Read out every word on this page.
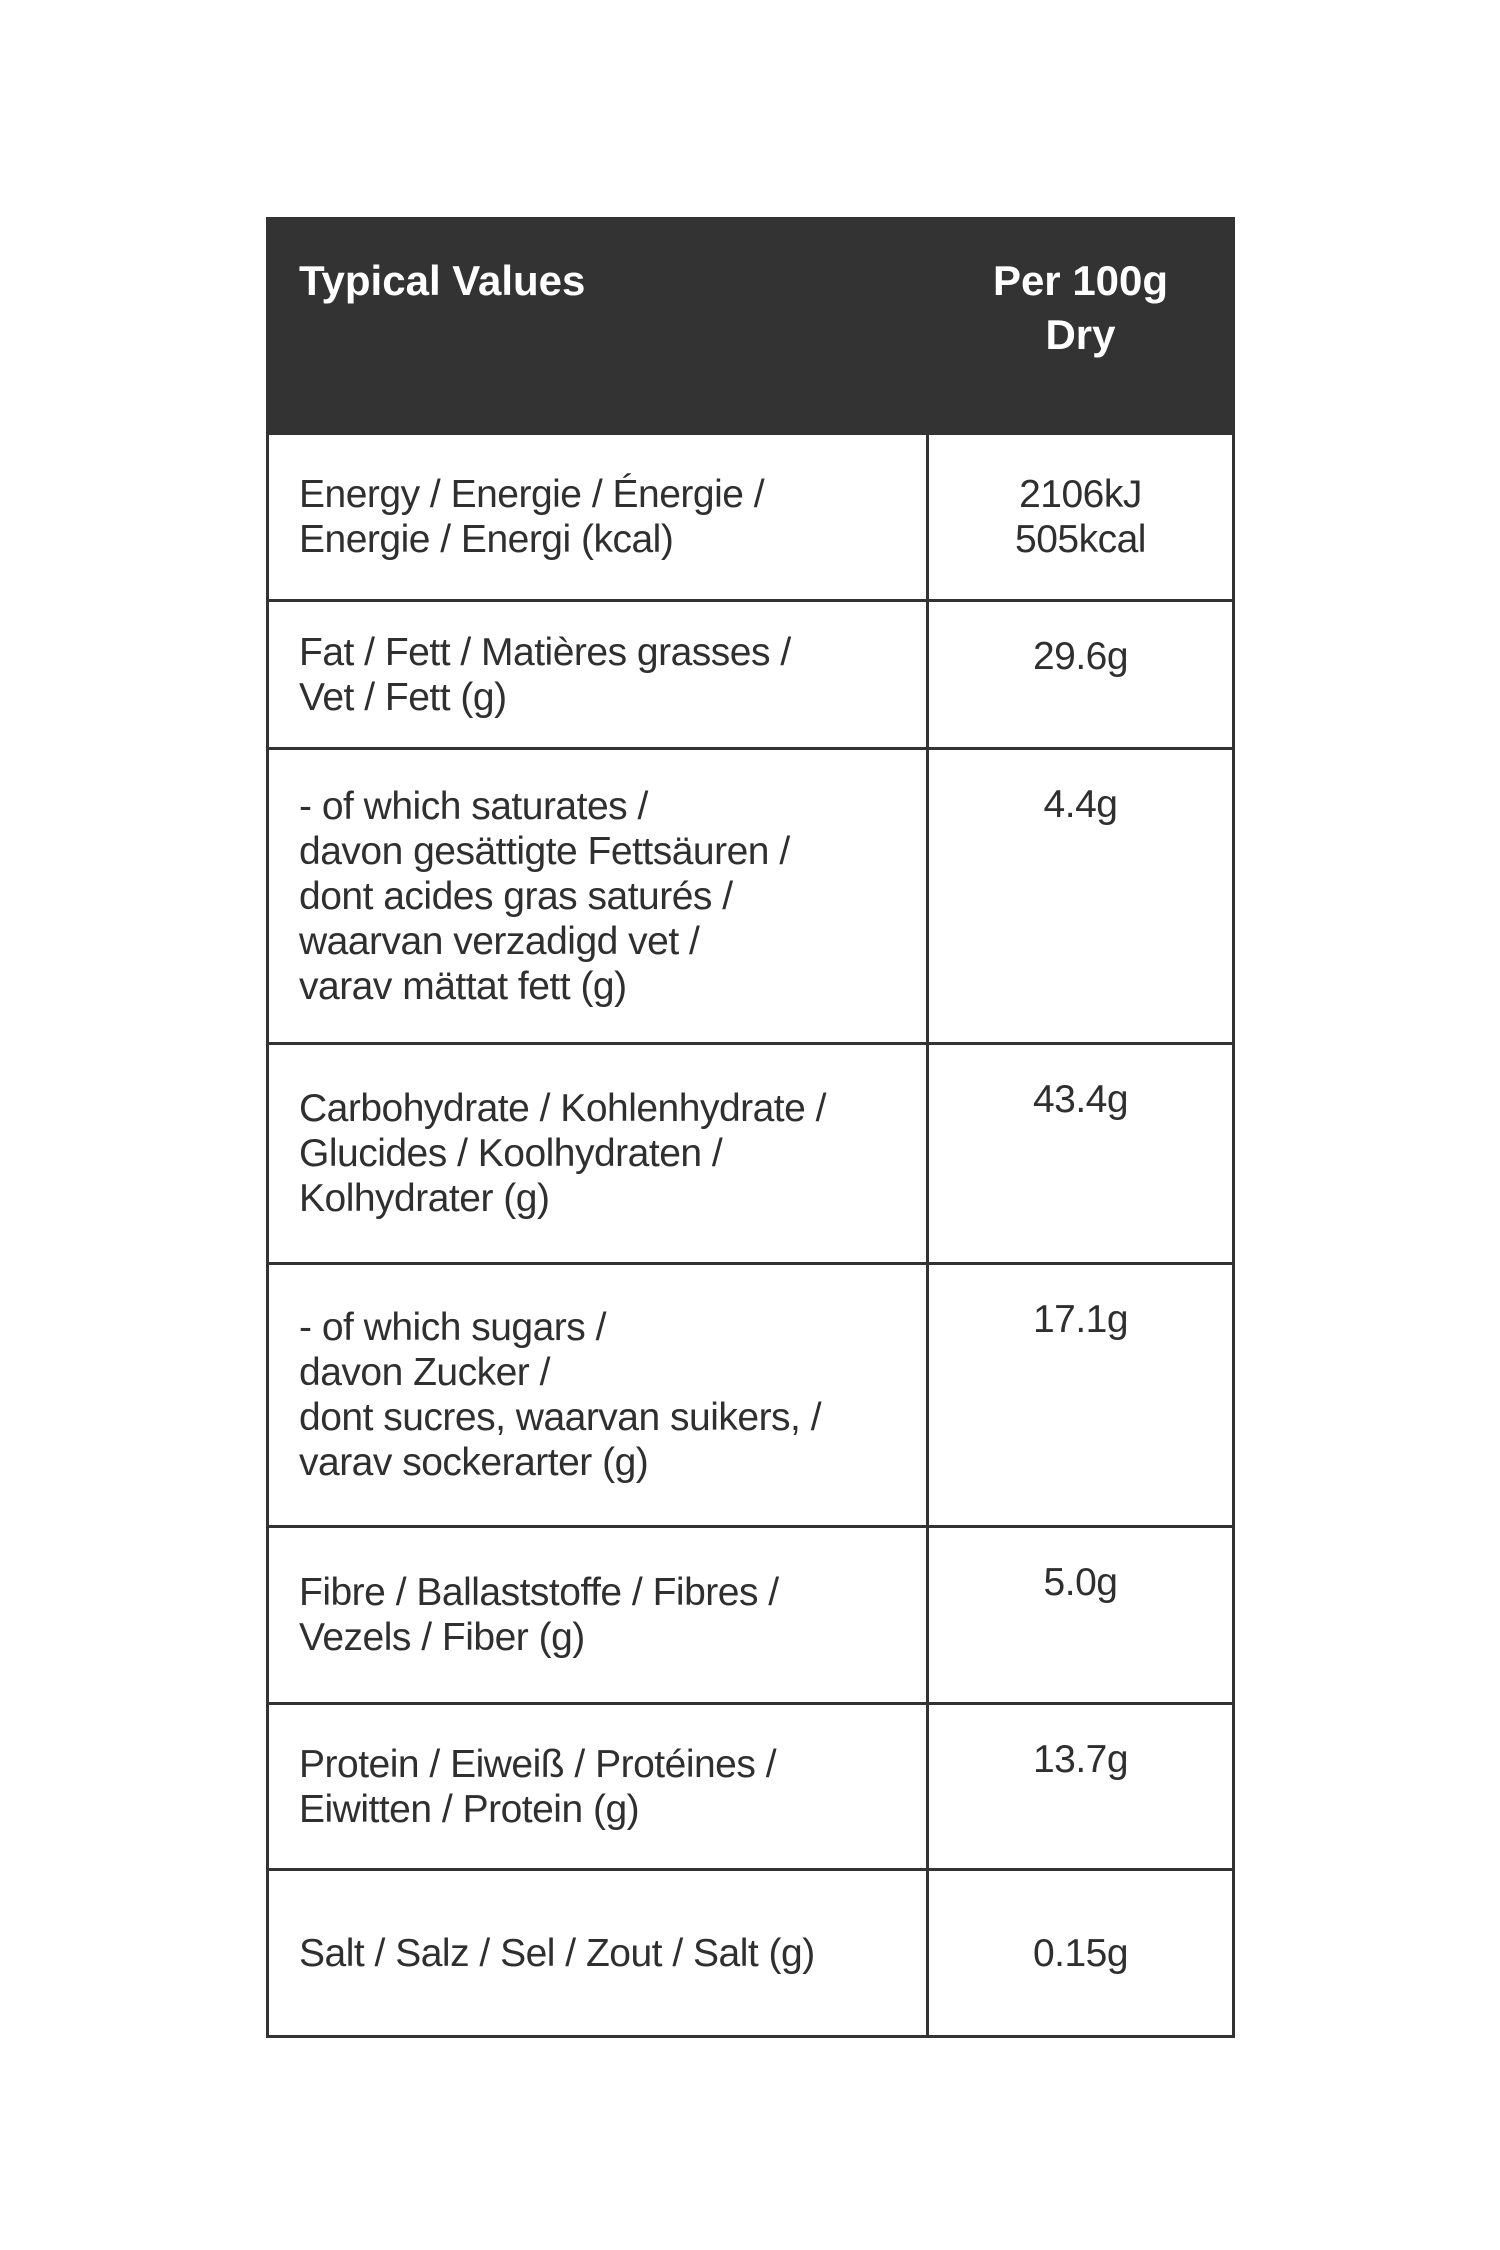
Typical Values	Per 100g
Dry

Energy / Energie / Énergie /
Energie / Energi (kcal)	2106kJ
505kcal

Fat / Fett / Matières grasses /
Vet / Fett (g)	29.6g

- of which saturates /
davon gesättigte Fettsäuren /
dont acides gras saturés /
waarvan verzadigd vet /
varav mättat fett (g)	4.4g

Carbohydrate / Kohlenhydrate /
Glucides / Koolhydraten /
Kolhydrater (g)	43.4g

- of which sugars /
davon Zucker /
dont sucres, waarvan suikers, /
varav sockerarter (g)	17.1g

Fibre / Ballaststoffe / Fibres /
Vezels / Fiber (g)	5.0g

Protein / Eiweiß / Protéines /
Eiwitten / Protein (g)	13.7g

Salt / Salz / Sel / Zout / Salt (g)	0.15g
